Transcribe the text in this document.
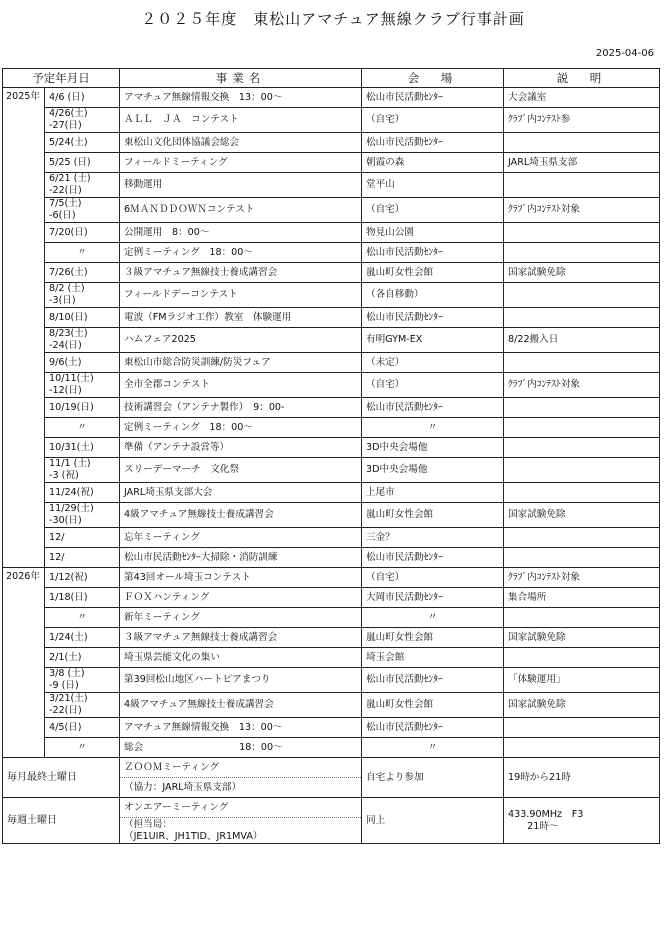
２０２５年度　東松山アマチュア無線クラブ行事計画
2025-04-06
予定年月日		事業名	会　場	説　明
2025年	4/6 (日)	アマチュア無線情報交換　13：00～	松山市民活動ｾﾝﾀｰ	大会議室

	4/26(土)
-27(日)	ＡＬＬ　ＪＡ　コンテスト	（自宅）	ｸﾗﾌﾞ内ｺﾝﾃｽﾄ参

	5/24(土)	東松山文化団体協議会総会	松山市民活動ｾﾝﾀｰ	

	5/25 (日)	フィールドミーティング	朝霞の森	JARL埼玉県支部

	6/21 (土)
-22(日)	移動運用	堂平山	

	7/5(土)
-6(日)	6ＭＡＮＤＤＯＷＮコンテスト	（自宅）	ｸﾗﾌﾞ内ｺﾝﾃｽﾄ対象

	7/20(日)	公開運用　8：00～	物見山公園	

	〃	定例ミーティング　18：00～	松山市民活動ｾﾝﾀｰ	

	7/26(土)	３級アマチュア無線技士養成講習会	嵐山町女性会館	国家試験免除

	8/2 (土)
-3(日)	フィールドデーコンテスト	（各自移動）	

	8/10(日)	電波（FMラジオ工作）教室　体験運用	松山市民活動ｾﾝﾀｰ	

	8/23(土)
-24(日)	ハムフェア2025	有明GYM-EX	8/22搬入日

	9/6(土)	東松山市総合防災訓練/防災フェア	（未定）	

	10/11(土)
-12(日)	全市全郡コンテスト	（自宅）	ｸﾗﾌﾞ内ｺﾝﾃｽﾄ対象

	10/19(日)	技術講習会（アンテナ製作）　9：00-	松山市民活動ｾﾝﾀｰ	

	〃	定例ミーティング　18：00～	〃	

	10/31(土)	準備（アンテナ設営等）	3D中央会場他	

	11/1 (土)
-3 (祝)	スリーデーマーチ　文化祭	3D中央会場他	

	11/24(祝)	JARL埼玉県支部大会	上尾市	

	11/29(土)
-30(日)	4級アマチュア無線技士養成講習会	嵐山町女性会館	国家試験免除

	12/	忘年ミーティング	三金？	

	12/	松山市民活動ｾﾝﾀｰ大掃除・消防訓練	松山市民活動ｾﾝﾀｰ	
2026年	1/12(祝)	第43回オール埼玉コンテスト	（自宅）	ｸﾗﾌﾞ内ｺﾝﾃｽﾄ対象

	1/18(日)	ＦＯＸハンティング	大岡市民活動ｾﾝﾀｰ	集合場所

	〃	新年ミーティング	〃	

	1/24(土)	３級アマチュア無線技士養成講習会	嵐山町女性会館	国家試験免除

	2/1(土)	埼玉県芸能文化の集い	埼玉会館	

	3/8 (土)
-9 (日)	第39回松山地区ハートピアまつり	松山市民活動ｾﾝﾀｰ	「体験運用」

	3/21(土)
-22(日)	4級アマチュア無線技士養成講習会	嵐山町女性会館	国家試験免除

	4/5(日)	アマチュア無線情報交換　13：00～	松山市民活動ｾﾝﾀｰ	

	〃	総会　　　　　　　　　　18：00～	〃	
毎月最終土曜日		ＺＯＯＭミーティング	自宅より参加	19時から21時

		（協力：JARL埼玉県支部）		

毎週土曜日		オンエアーミーティング	同上	433.90MHz　F3
　　21時～

		（担当局：
（JE1UIR、JH1TID、JR1MVA）		
